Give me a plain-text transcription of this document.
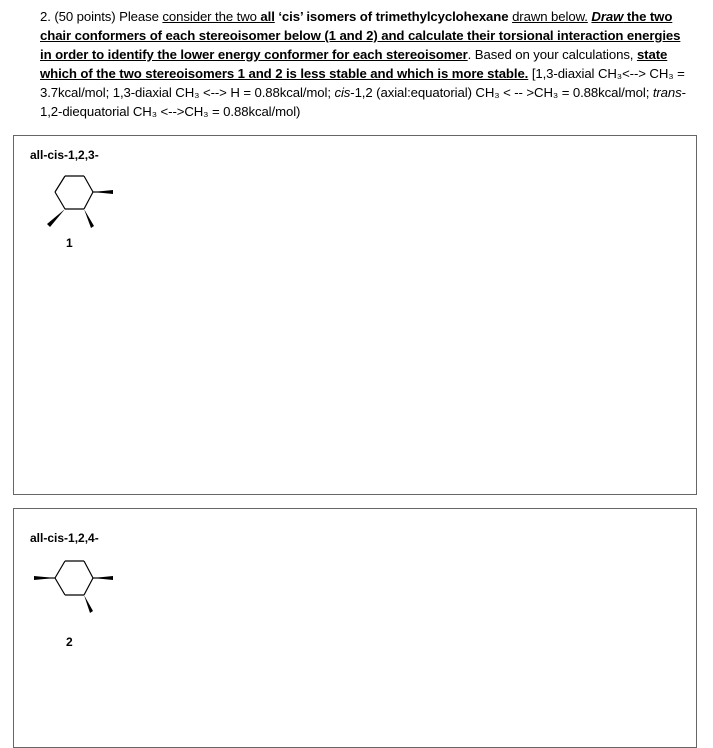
2. (50 points) Please consider the two all ‘cis’ isomers of trimethylcyclohexane drawn below. Draw the two chair conformers of each stereoisomer below (1 and 2) and calculate their torsional interaction energies in order to identify the lower energy conformer for each stereoisomer. Based on your calculations, state which of the two stereoisomers 1 and 2 is less stable and which is more stable. [1,3-diaxial CH₃<--> CH₃ = 3.7kcal/mol; 1,3-diaxial CH₃ <--> H = 0.88kcal/mol; cis-1,2 (axial:equatorial) CH₃ < -- >CH₃ = 0.88kcal/mol; trans-1,2-diequatorial CH₃ <-->CH₃ = 0.88kcal/mol)
all-cis-1,2,3-
1
all-cis-1,2,4-
2
